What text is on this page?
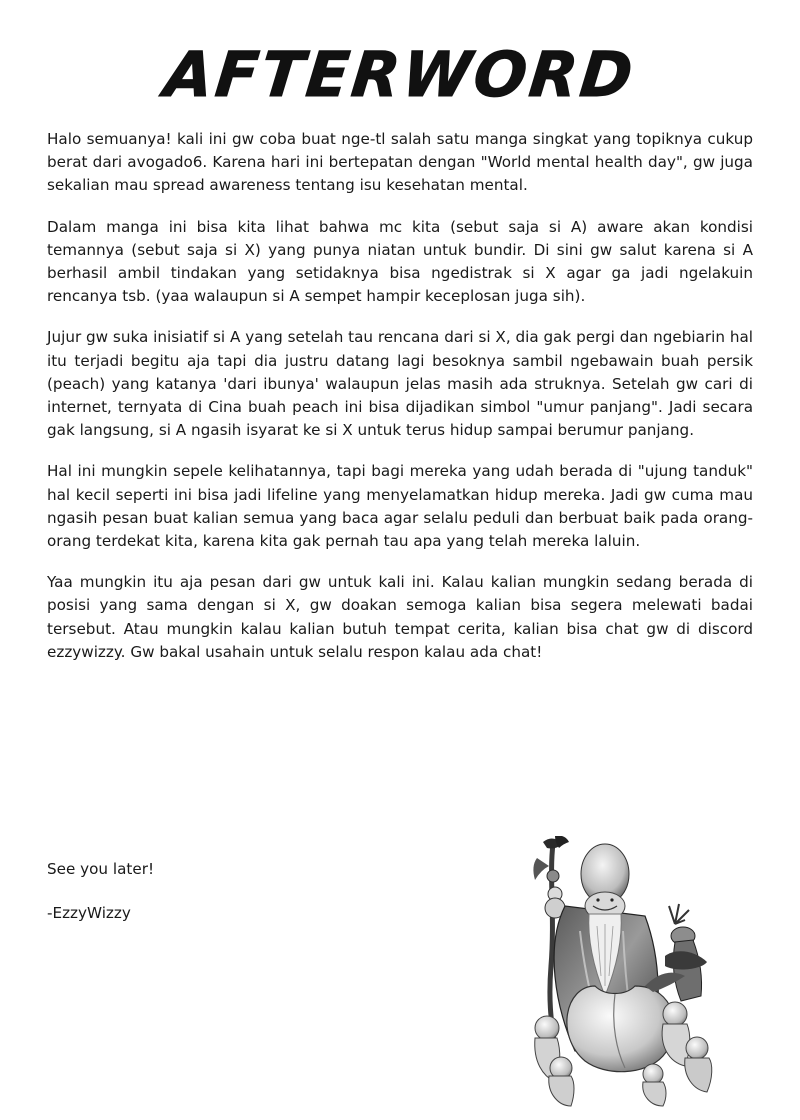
AFTERWORD

Halo semuanya! kali ini gw coba buat nge-tl salah satu manga singkat yang topiknya cukup berat dari avogado6. Karena hari ini bertepatan dengan "World mental health day", gw juga sekalian mau spread awareness tentang isu kesehatan mental.

Dalam manga ini bisa kita lihat bahwa mc kita (sebut saja si A) aware akan kondisi temannya (sebut saja si X) yang punya niatan untuk bundir. Di sini gw salut karena si A berhasil ambil tindakan yang setidaknya bisa ngedistrak si X agar ga jadi ngelakuin rencanya tsb. (yaa walaupun si A sempet hampir keceplosan juga sih).

Jujur gw suka inisiatif si A yang setelah tau rencana dari si X, dia gak pergi dan ngebiarin hal itu terjadi begitu aja tapi dia justru datang lagi besoknya sambil ngebawain buah persik (peach) yang katanya 'dari ibunya' walaupun jelas masih ada struknya. Setelah gw cari di internet, ternyata di Cina buah peach ini bisa dijadikan simbol "umur panjang". Jadi secara gak langsung, si A ngasih isyarat ke si X untuk terus hidup sampai berumur panjang.

Hal ini mungkin sepele kelihatannya, tapi bagi mereka yang udah berada di "ujung tanduk" hal kecil seperti ini bisa jadi lifeline yang menyelamatkan hidup mereka. Jadi gw cuma mau ngasih pesan buat kalian semua yang baca agar selalu peduli dan berbuat baik pada orang-orang terdekat kita, karena kita gak pernah tau apa yang telah mereka laluin.

Yaa mungkin itu aja pesan dari gw untuk kali ini. Kalau kalian mungkin sedang berada di posisi yang sama dengan si X, gw doakan semoga kalian bisa segera melewati badai tersebut. Atau mungkin kalau kalian butuh tempat cerita, kalian bisa chat gw di discord ezzywizzy. Gw bakal usahain untuk selalu respon kalau ada chat!

See you later!

-EzzyWizzy
